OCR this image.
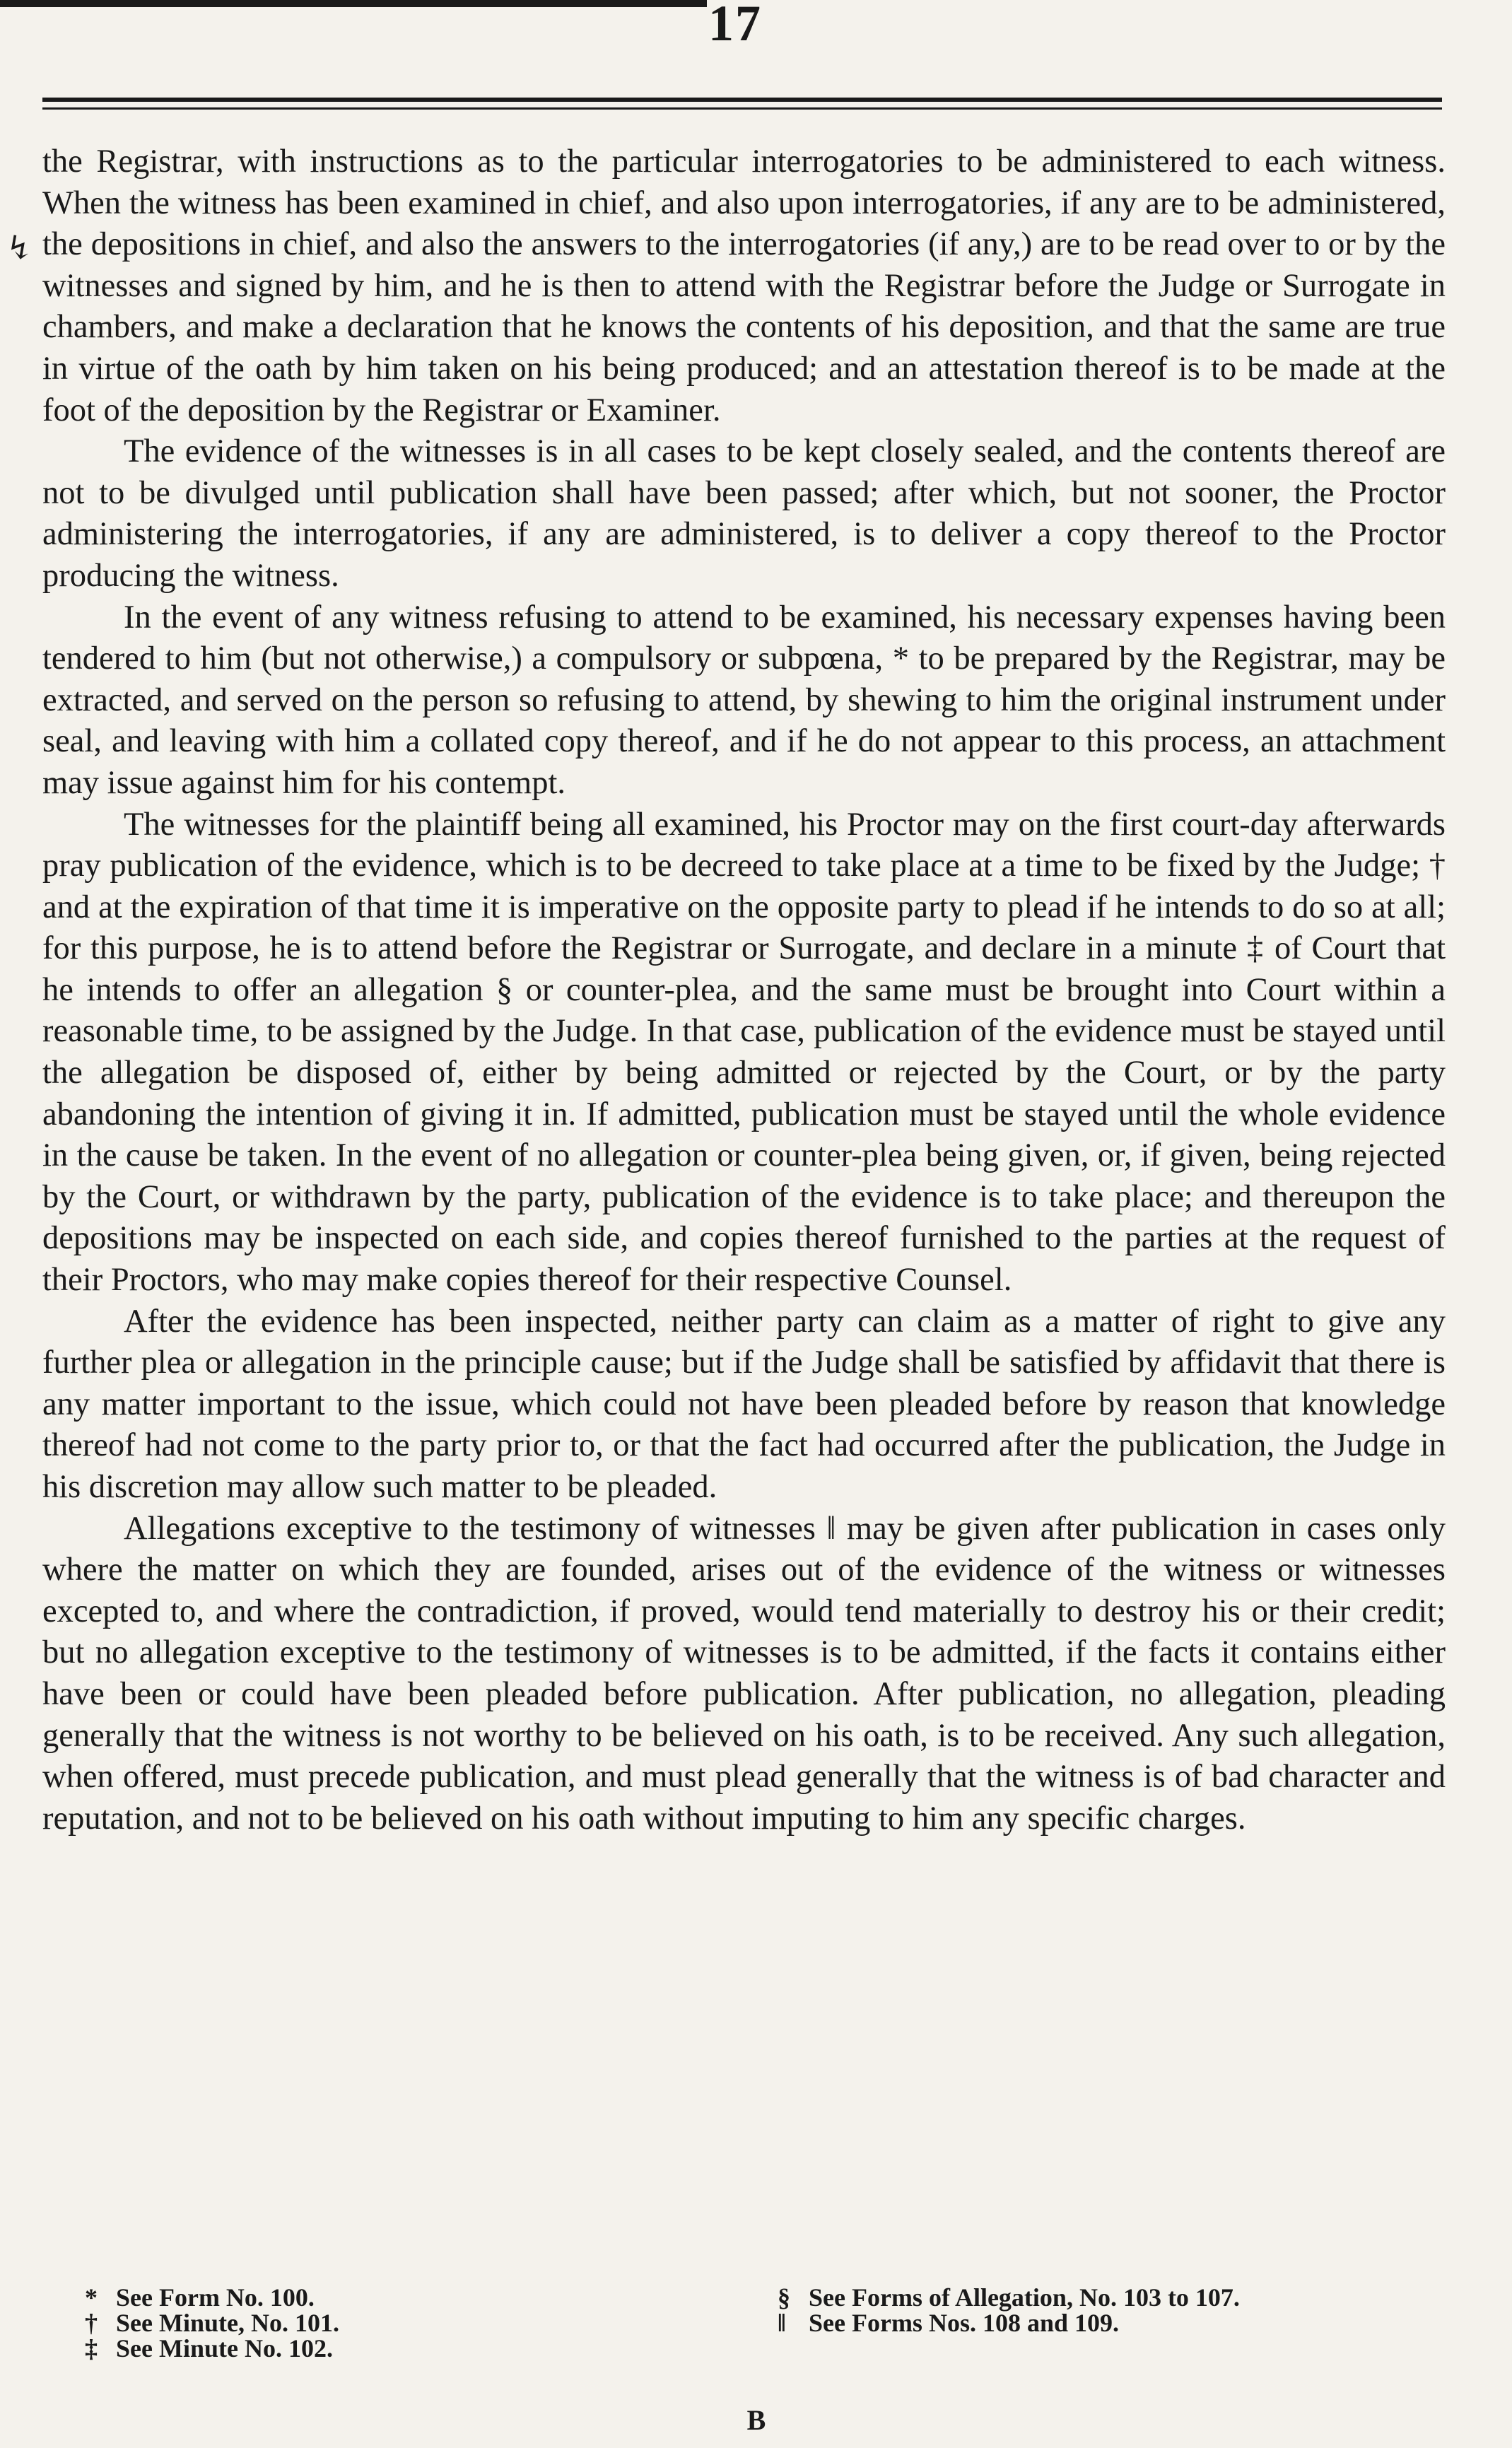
17
↯

the Registrar, with instructions as to the particular interrogatories to be administered to each witness. When the witness has been examined in chief, and also upon interrogatories, if any are to be administered, the depositions in chief, and also the answers to the interrogatories (if any,) are to be read over to or by the witnesses and signed by him, and he is then to attend with the Registrar before the Judge or Surrogate in chambers, and make a declaration that he knows the contents of his deposition, and that the same are true in virtue of the oath by him taken on his being produced; and an attestation thereof is to be made at the foot of the deposition by the Registrar or Examiner.

The evidence of the witnesses is in all cases to be kept closely sealed, and the contents thereof are not to be divulged until publication shall have been passed; after which, but not sooner, the Proctor administering the interrogatories, if any are administered, is to deliver a copy thereof to the Proctor producing the witness.

In the event of any witness refusing to attend to be examined, his necessary expenses having been tendered to him (but not otherwise,) a compulsory or subpœna, * to be prepared by the Registrar, may be extracted, and served on the person so refusing to attend, by shewing to him the original instrument under seal, and leaving with him a collated copy thereof, and if he do not appear to this process, an attachment may issue against him for his contempt.

The witnesses for the plaintiff being all examined, his Proctor may on the first court-day afterwards pray publication of the evidence, which is to be decreed to take place at a time to be fixed by the Judge; † and at the expiration of that time it is imperative on the opposite party to plead if he intends to do so at all; for this purpose, he is to attend before the Registrar or Surrogate, and declare in a minute ‡ of Court that he intends to offer an allegation § or counter-plea, and the same must be brought into Court within a reasonable time, to be assigned by the Judge. In that case, publication of the evidence must be stayed until the allegation be disposed of, either by being admitted or rejected by the Court, or by the party abandoning the intention of giving it in. If admitted, publication must be stayed until the whole evidence in the cause be taken. In the event of no allegation or counter-plea being given, or, if given, being rejected by the Court, or withdrawn by the party, publication of the evidence is to take place; and thereupon the depositions may be inspected on each side, and copies thereof furnished to the parties at the request of their Proctors, who may make copies thereof for their respective Counsel.

After the evidence has been inspected, neither party can claim as a matter of right to give any further plea or allegation in the principle cause; but if the Judge shall be satisfied by affidavit that there is any matter important to the issue, which could not have been pleaded before by reason that knowledge thereof had not come to the party prior to, or that the fact had occurred after the publication, the Judge in his discretion may allow such matter to be pleaded.

Allegations exceptive to the testimony of witnesses ‖ may be given after publication in cases only where the matter on which they are founded, arises out of the evidence of the witness or witnesses excepted to, and where the contradiction, if proved, would tend materially to destroy his or their credit; but no allegation exceptive to the testimony of witnesses is to be admitted, if the facts it contains either have been or could have been pleaded before publication. After publication, no allegation, pleading generally that the witness is not worthy to be believed on his oath, is to be received. Any such allegation, when offered, must precede publication, and must plead generally that the witness is of bad character and reputation, and not to be believed on his oath without imputing to him any specific charges.

* See Form No. 100.
† See Minute, No. 101.
‡ See Minute No. 102.
§ See Forms of Allegation, No. 103 to 107.
‖ See Forms Nos. 108 and 109.
B
